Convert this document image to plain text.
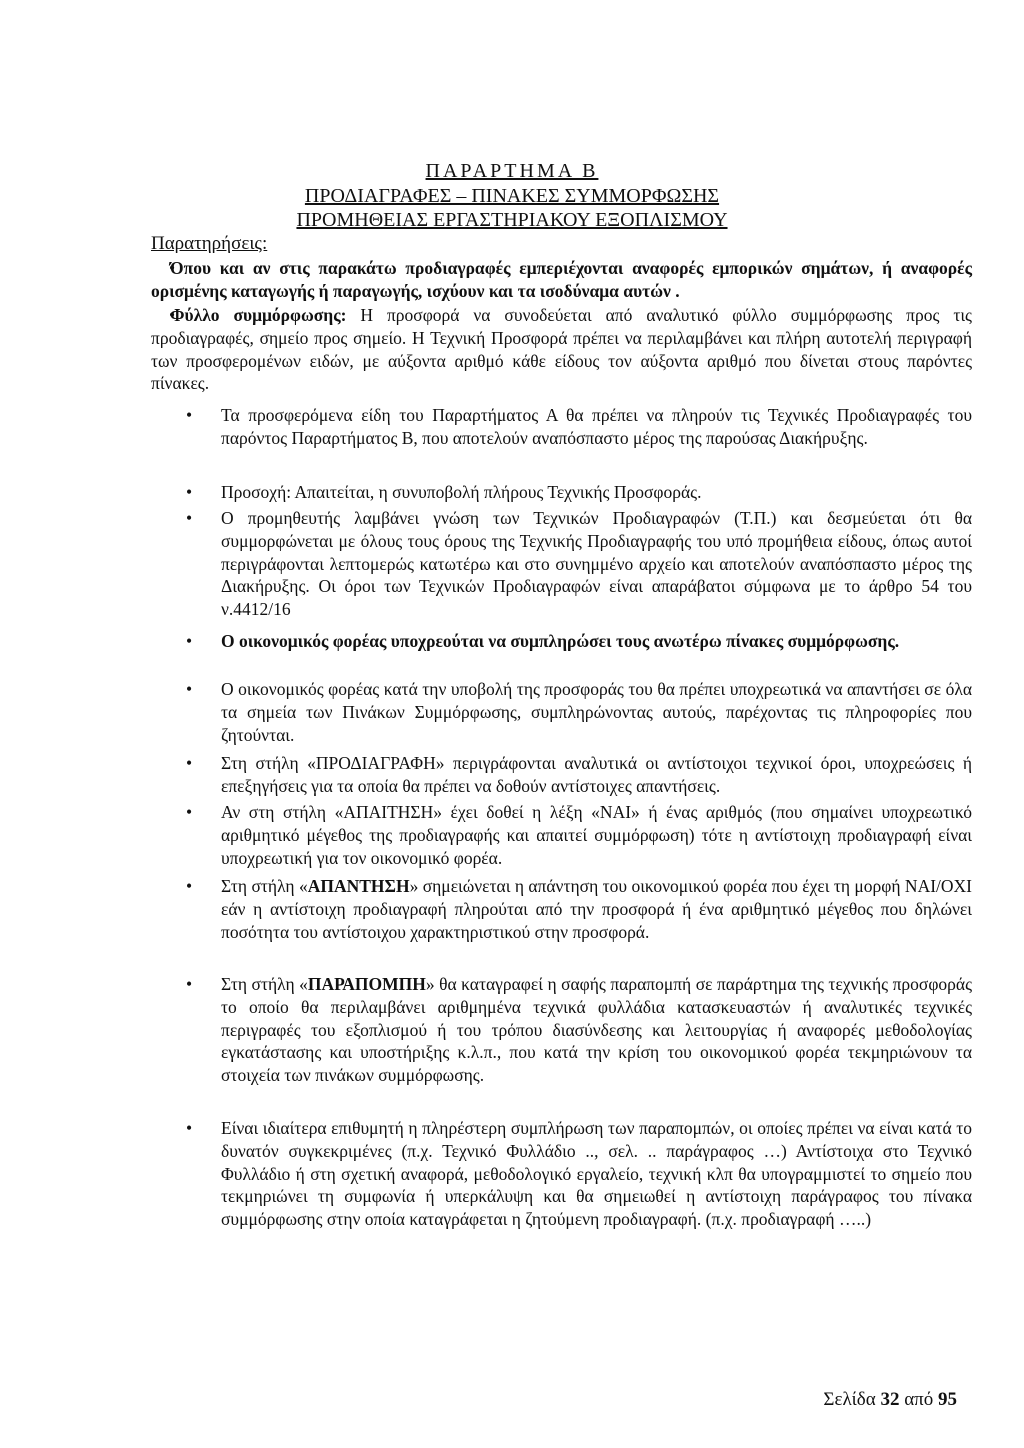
ΠΑΡΑΡΤΗΜΑ Β
ΠΡΟΔΙΑΓΡΑΦΕΣ – ΠΙΝΑΚΕΣ ΣΥΜΜΟΡΦΩΣΗΣ
ΠΡΟΜΗΘΕΙΑΣ ΕΡΓΑΣΤΗΡΙΑΚΟΥ ΕΞΟΠΛΙΣΜΟΥ
Παρατηρήσεις:

• Όπου και αν στις παρακάτω προδιαγραφές εμπεριέχονται αναφορές εμπορικών σημάτων, ή αναφορές ορισμένης καταγωγής ή παραγωγής, ισχύουν και τα ισοδύναμα αυτών .

• Φύλλο συμμόρφωσης: Η προσφορά να συνοδεύεται από αναλυτικό φύλλο συμμόρφωσης προς τις προδιαγραφές, σημείο προς σημείο. Η Τεχνική Προσφορά πρέπει να περιλαμβάνει και πλήρη αυτοτελή περιγραφή των προσφερομένων ειδών, με αύξοντα αριθμό κάθε είδους τον αύξοντα αριθμό που δίνεται στους παρόντες πίνακες.

• Τα προσφερόμενα είδη του Παραρτήματος Α θα πρέπει να πληρούν τις Τεχνικές Προδιαγραφές του παρόντος Παραρτήματος Β, που αποτελούν αναπόσπαστο μέρος της παρούσας Διακήρυξης.

• Προσοχή: Απαιτείται, η συνυποβολή πλήρους Τεχνικής Προσφοράς.

• Ο προμηθευτής λαμβάνει γνώση των Τεχνικών Προδιαγραφών (Τ.Π.) και δεσμεύεται ότι θα συμμορφώνεται με όλους τους όρους της Τεχνικής Προδιαγραφής του υπό προμήθεια είδους, όπως αυτοί περιγράφονται λεπτομερώς κατωτέρω και στο συνημμένο αρχείο και αποτελούν αναπόσπαστο μέρος της Διακήρυξης. Οι όροι των Τεχνικών Προδιαγραφών είναι απαράβατοι σύμφωνα με το άρθρο 54 του ν.4412/16

• Ο οικονομικός φορέας υποχρεούται να συμπληρώσει τους ανωτέρω πίνακες συμμόρφωσης.

• Ο οικονομικός φορέας κατά την υποβολή της προσφοράς του θα πρέπει υποχρεωτικά να απαντήσει σε όλα τα σημεία των Πινάκων Συμμόρφωσης, συμπληρώνοντας αυτούς, παρέχοντας τις πληροφορίες που ζητούνται.

• Στη στήλη «ΠΡΟΔΙΑΓΡΑΦΗ» περιγράφονται αναλυτικά οι αντίστοιχοι τεχνικοί όροι, υποχρεώσεις ή επεξηγήσεις για τα οποία θα πρέπει να δοθούν αντίστοιχες απαντήσεις.

• Αν στη στήλη «ΑΠΑΙΤΗΣΗ» έχει δοθεί η λέξη «ΝΑΙ» ή ένας αριθμός (που σημαίνει υποχρεωτικό αριθμητικό μέγεθος της προδιαγραφής και απαιτεί συμμόρφωση) τότε η αντίστοιχη προδιαγραφή είναι υποχρεωτική για τον οικονομικό φορέα.

• Στη στήλη «ΑΠΑΝΤΗΣΗ» σημειώνεται η απάντηση του οικονομικού φορέα που έχει τη μορφή ΝΑΙ/ΟΧΙ εάν η αντίστοιχη προδιαγραφή πληρούται από την προσφορά ή ένα αριθμητικό μέγεθος που δηλώνει ποσότητα του αντίστοιχου χαρακτηριστικού στην προσφορά.

• Στη στήλη «ΠΑΡΑΠΟΜΠΗ» θα καταγραφεί η σαφής παραπομπή σε παράρτημα της τεχνικής προσφοράς το οποίο θα περιλαμβάνει αριθμημένα τεχνικά φυλλάδια κατασκευαστών ή αναλυτικές τεχνικές περιγραφές του εξοπλισμού ή του τρόπου διασύνδεσης και λειτουργίας ή αναφορές μεθοδολογίας εγκατάστασης και υποστήριξης κ.λ.π., που κατά την κρίση του οικονομικού φορέα τεκμηριώνουν τα στοιχεία των πινάκων συμμόρφωσης.

• Είναι ιδιαίτερα επιθυμητή η πληρέστερη συμπλήρωση των παραπομπών, οι οποίες πρέπει να είναι κατά το δυνατόν συγκεκριμένες (π.χ. Τεχνικό Φυλλάδιο .., σελ. .. παράγραφος …) Αντίστοιχα στο Τεχνικό Φυλλάδιο ή στη σχετική αναφορά, μεθοδολογικό εργαλείο, τεχνική κλπ θα υπογραμμιστεί το σημείο που τεκμηριώνει τη συμφωνία ή υπερκάλυψη και θα σημειωθεί η αντίστοιχη παράγραφος του πίνακα συμμόρφωσης στην οποία καταγράφεται η ζητούμενη προδιαγραφή. (π.χ. προδιαγραφή …..)

Σελίδα 32 από 95
